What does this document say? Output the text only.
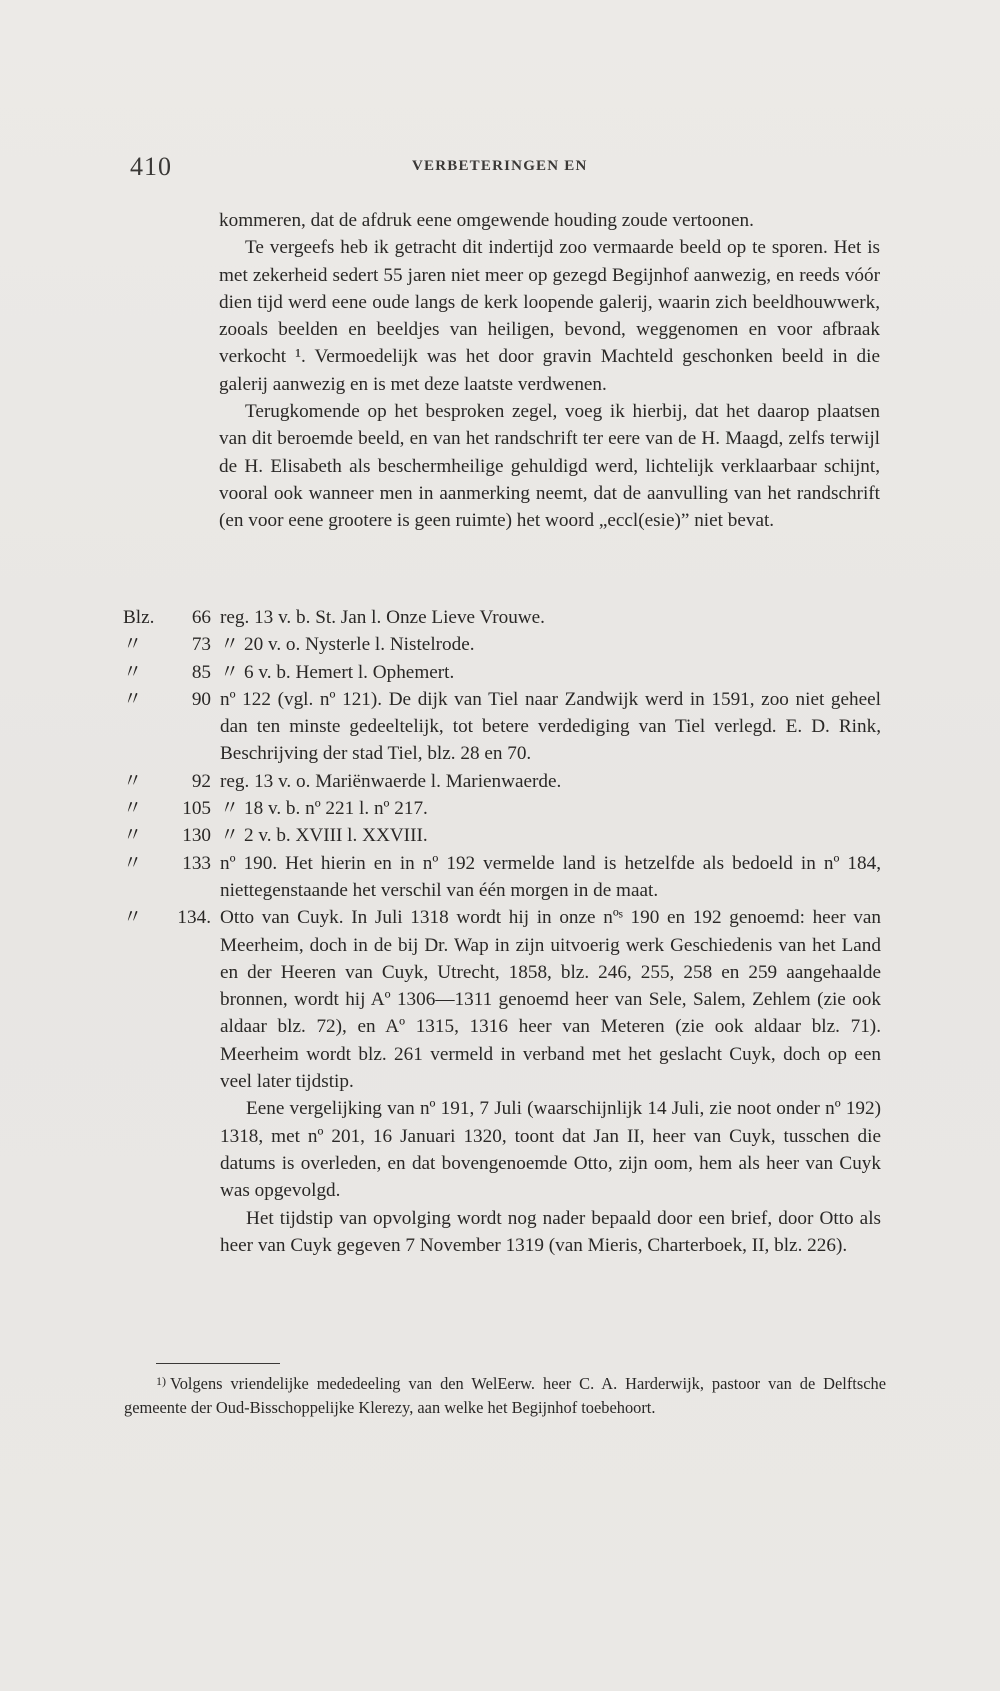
410	VERBETERINGEN EN

kommeren, dat de afdruk eene omgewende houding zoude vertoonen.

Te vergeefs heb ik getracht dit indertijd zoo vermaarde beeld op te sporen. Het is met zekerheid sedert 55 jaren niet meer op gezegd Begijnhof aanwezig, en reeds vóór dien tijd werd eene oude langs de kerk loopende galerij, waarin zich beeldhouwwerk, zooals beelden en beeldjes van heiligen, bevond, weggenomen en voor afbraak verkocht ¹. Vermoedelijk was het door gravin Machteld geschonken beeld in die galerij aanwezig en is met deze laatste verdwenen.

Terugkomende op het besproken zegel, voeg ik hierbij, dat het daarop plaatsen van dit beroemde beeld, en van het randschrift ter eere van de H. Maagd, zelfs terwijl de H. Elisabeth als beschermheilige gehuldigd werd, lichtelijk verklaarbaar schijnt, vooral ook wanneer men in aanmerking neemt, dat de aanvulling van het randschrift (en voor eene grootere is geen ruimte) het woord „eccl(esie)” niet bevat.

Blz. 66 reg. 13 v. b. St. Jan l. Onze Lieve Vrouwe.
〃	73 〃 20 v. o. Nysterle l. Nistelrode.
〃	85 〃 6 v. b. Hemert l. Ophemert.
〃	90 nº 122 (vgl. nº 121). De dijk van Tiel naar Zandwijk werd in 1591, zoo niet geheel dan ten minste gedeeltelijk, tot betere verdediging van Tiel verlegd. E. D. Rink, Beschrijving der stad Tiel, blz. 28 en 70.
〃	92 reg. 13 v. o. Mariënwaerde l. Marienwaerde.
〃 105 〃 18 v. b. nº 221 l. nº 217.
〃 130 〃 2 v. b. XVIII l. XXVIII.
〃 133 nº 190. Het hierin en in nº 192 vermelde land is hetzelfde als bedoeld in nº 184, niettegenstaande het verschil van één morgen in de maat.
〃 134. Otto van Cuyk. In Juli 1318 wordt hij in onze nºˢ 190 en 192 genoemd: heer van Meerheim, doch in de bij Dr. Wap in zijn uitvoerig werk Geschiedenis van het Land en der Heeren van Cuyk, Utrecht, 1858, blz. 246, 255, 258 en 259 aangehaalde bronnen, wordt hij Aº 1306—1311 genoemd heer van Sele, Salem, Zehlem (zie ook aldaar blz. 72), en Aº 1315, 1316 heer van Meteren (zie ook aldaar blz. 71). Meerheim wordt blz. 261 vermeld in verband met het geslacht Cuyk, doch op een veel later tijdstip.

Eene vergelijking van nº 191, 7 Juli (waarschijnlijk 14 Juli, zie noot onder nº 192) 1318, met nº 201, 16 Januari 1320, toont dat Jan II, heer van Cuyk, tusschen die datums is overleden, en dat bovengenoemde Otto, zijn oom, hem als heer van Cuyk was opgevolgd.

Het tijdstip van opvolging wordt nog nader bepaald door een brief, door Otto als heer van Cuyk gegeven 7 November 1319 (van Mieris, Charterboek, II, blz. 226).

$^{1)}$ Volgens vriendelijke mededeeling van den WelEerw. heer C. A. Harderwijk, pastoor van de Delftsche gemeente der Oud-Bisschoppelijke Klerezy, aan welke het Begijnhof toebehoort.
